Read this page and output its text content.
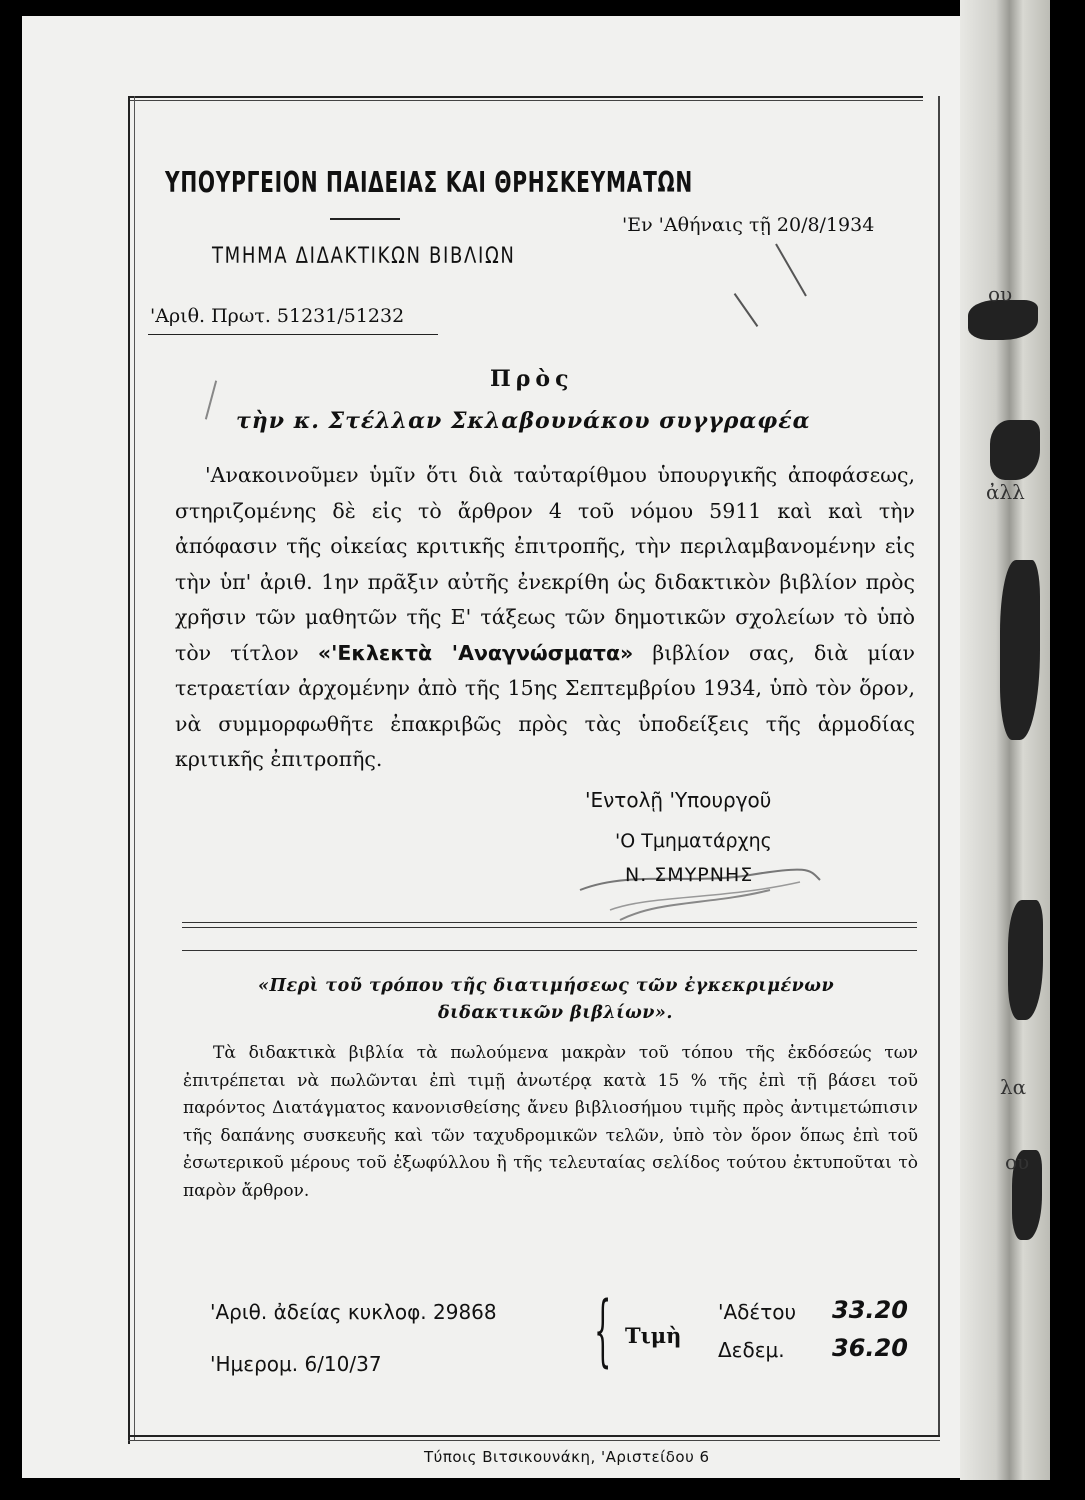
ου
ἀλλ
λα
ου
ΥΠΟΥΡΓΕΙΟΝ ΠΑΙΔΕΙΑΣ ΚΑΙ ΘΡΗΣΚΕΥΜΑΤΩΝ
ΤΜΗΜΑ ΔΙΔΑΚΤΙΚΩΝ ΒΙΒΛΙΩΝ
'Αριθ. Πρωτ. 51231/51232
'Εν 'Αθήναις τῇ 20/8/1934
Πρὸς
τὴν κ. Στέλλαν Σκλαβουνάκου συγγραφέα

'Ανακοινοῦμεν ὑμῖν ὅτι διὰ ταὐταρίθμου ὑπουργικῆς ἀποφάσεως, στηριζομένης δὲ εἰς τὸ ἄρθρον 4 τοῦ νόμου 5911 καὶ καὶ τὴν ἀπόφασιν τῆς οἰκείας κριτικῆς ἐπιτροπῆς, τὴν περιλαμβανομένην εἰς τὴν ὑπ' ἀριθ. 1ην πρᾶξιν αὐτῆς ἐνεκρίθη ὡς διδακτικὸν βιβλίον πρὸς χρῆσιν τῶν μαθητῶν τῆς Ε' τάξεως τῶν δημοτικῶν σχολείων τὸ ὑπὸ τὸν τίτλον «'Εκλεκτὰ 'Αναγνώσματα» βιβλίον σας, διὰ μίαν τετραετίαν ἀρχομένην ἀπὸ τῆς 15ης Σεπτεμβρίου 1934, ὑπὸ τὸν ὅρον, νὰ συμμορφωθῆτε ἐπακριβῶς πρὸς τὰς ὑποδείξεις τῆς ἁρμοδίας κριτικῆς ἐπιτροπῆς.

'Εντολῇ 'Υπουργοῦ
'Ο Τμηματάρχης
Ν. ΣΜΥΡΝΗΣ
«Περὶ τοῦ τρόπου τῆς διατιμήσεως τῶν ἐγκεκριμένων
διδακτικῶν βιβλίων».

Τὰ διδακτικὰ βιβλία τὰ πωλούμενα μακρὰν τοῦ τόπου τῆς ἐκδόσεώς των ἐπιτρέπεται νὰ πωλῶνται ἐπὶ τιμῇ ἀνωτέρᾳ κατὰ 15 % τῆς ἐπὶ τῇ βάσει τοῦ παρόντος Διατάγματος κανονισθείσης ἄνευ βιβλιοσήμου τιμῆς πρὸς ἀντιμετώπισιν τῆς δαπάνης συσκευῆς καὶ τῶν ταχυδρομικῶν τελῶν, ὑπὸ τὸν ὅρον ὅπως ἐπὶ τοῦ ἐσωτερικοῦ μέρους τοῦ ἐξωφύλλου ἢ τῆς τελευταίας σελίδος τούτου ἐκτυποῦται τὸ παρὸν ἄρθρον.

'Αριθ. ἀδείας κυκλοφ. 29868
'Ημερομ. 6/10/37	{ Τιμὴ
'Αδέτου 33.20
Δεδεμ. 36.20
Τύποις Βιτσικουνάκη, 'Αριστείδου 6
